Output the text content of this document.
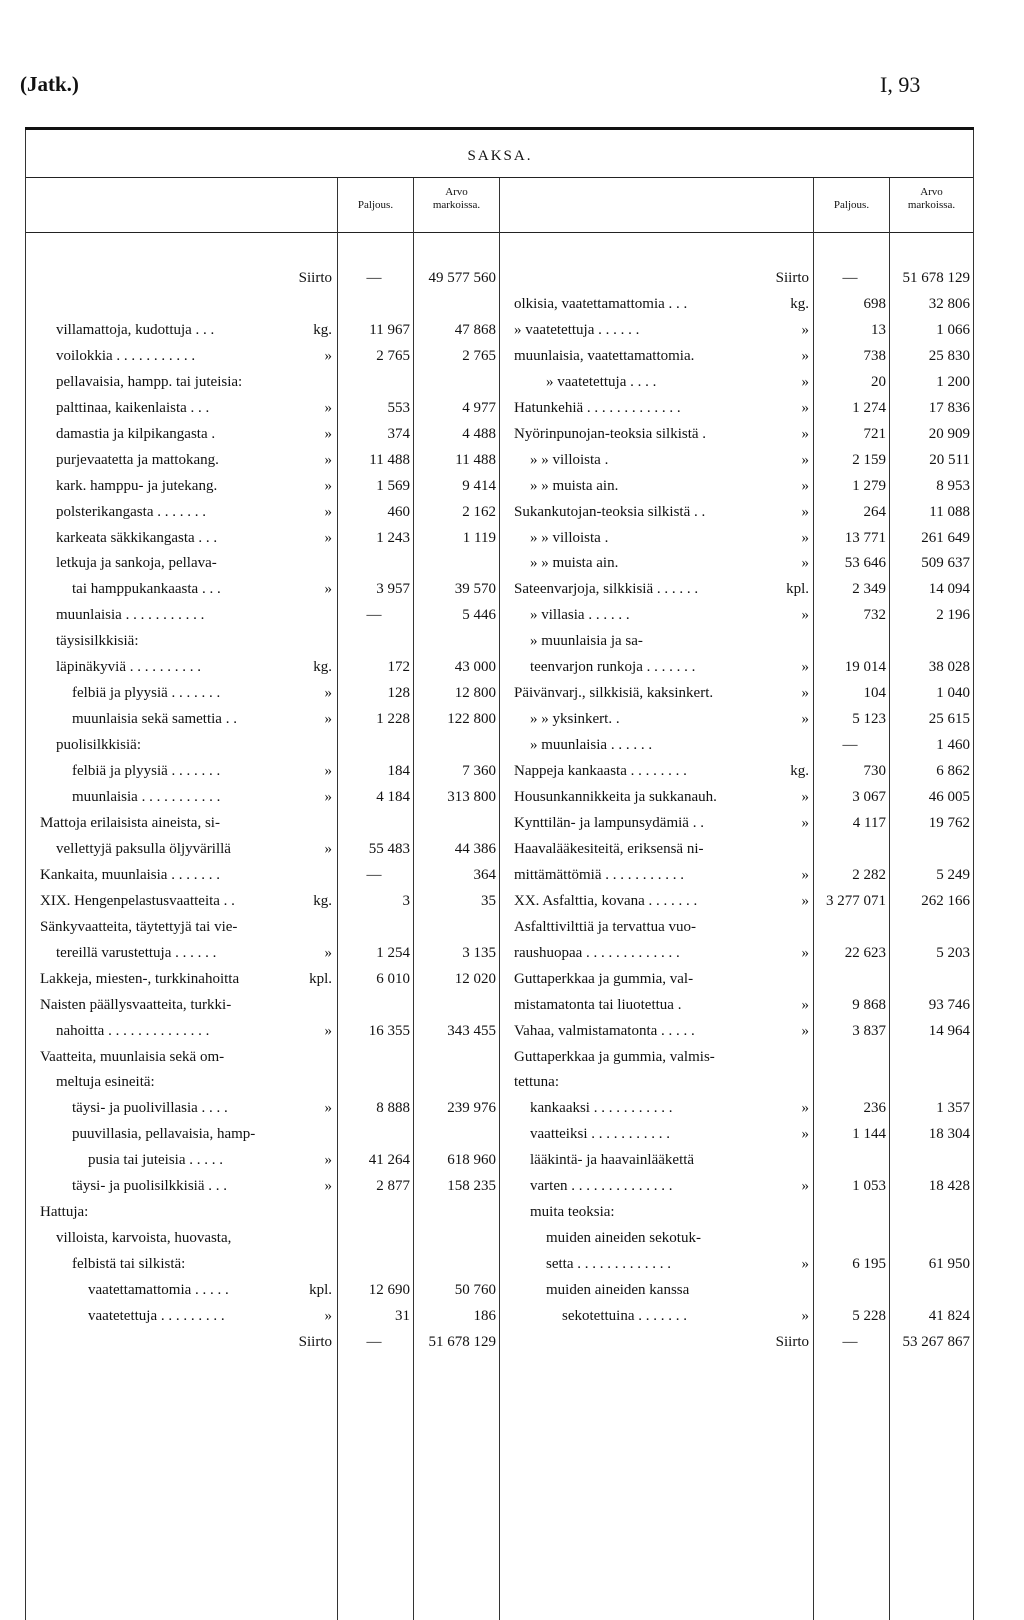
(Jatk.)	I, 93
SAKSA.
Paljous.
Arvo
markoissa.	Paljous.
Arvo
markoissa.
Siirto	—	49 577 560
villamattoja, kudottuja . . .	kg.	11 967	47 868
voilokkia . . . . . . . . . . .	»	2 765	2 765
pellavaisia, hampp. tai juteisia:
palttinaa, kaikenlaista . . .	»	553	4 977
damastia ja kilpikangasta .	»	374	4 488
purjevaatetta ja mattokang.	»	11 488	11 488
kark. hamppu- ja jutekang.	»	1 569	9 414
polsterikangasta . . . . . . .	»	460	2 162
karkeata säkkikangasta . . .	»	1 243	1 119
letkuja ja sankoja, pellava-
tai hamppukankaasta . . .	»	3 957	39 570
muunlaisia . . . . . . . . . . .	—	5 446
täysisilkkisiä:
läpinäkyviä . . . . . . . . . .	kg.	172	43 000
felbiä ja plyysiä . . . . . . .	»	128	12 800
muunlaisia sekä samettia . .	»	1 228	122 800
puolisilkkisiä:
felbiä ja plyysiä . . . . . . .	»	184	7 360
muunlaisia . . . . . . . . . . .	»	4 184	313 800
Mattoja erilaisista aineista, si-
vellettyjä paksulla öljyvärillä	»	55 483	44 386
Kankaita, muunlaisia . . . . . . .	—	364
XIX. Hengenpelastusvaatteita . .	kg.	3	35
Sänkyvaatteita, täytettyjä tai vie-
tereillä varustettuja . . . . . .	»	1 254	3 135
Lakkeja, miesten-, turkkinahoitta	kpl.	6 010	12 020
Naisten päällysvaatteita, turkki-
nahoitta . . . . . . . . . . . . . .	»	16 355	343 455
Vaatteita, muunlaisia sekä om-
meltuja esineitä:
täysi- ja puolivillasia . . . .	»	8 888	239 976
puuvillasia, pellavaisia, hamp-
pusia tai juteisia . . . . .	»	41 264	618 960
täysi- ja puolisilkkisiä . . .	»	2 877	158 235
Hattuja:
villoista, karvoista, huovasta,
felbistä tai silkistä:
vaatettamattomia . . . . .	kpl.	12 690	50 760
vaatetettuja . . . . . . . . .	»	31	186
Siirto	—	51 678 129
Siirto	—	51 678 129
olkisia, vaatettamattomia . . .	kg.	698	32 806
» vaatetettuja . . . . . .	»	13	1 066
muunlaisia, vaatettamattomia.	»	738	25 830
» vaatetettuja . . . .	»	20	1 200
Hatunkehiä . . . . . . . . . . . . .	»	1 274	17 836
Nyörinpunojan-teoksia silkistä .	»	721	20 909
» » villoista .	»	2 159	20 511
» » muista ain.	»	1 279	8 953
Sukankutojan-teoksia silkistä . .	»	264	11 088
» » villoista .	»	13 771	261 649
» » muista ain.	»	53 646	509 637
Sateenvarjoja, silkkisiä . . . . . .	kpl.	2 349	14 094
» villasia . . . . . .	»	732	2 196
» muunlaisia ja sa-
teenvarjon runkoja . . . . . . .	»	19 014	38 028
Päivänvarj., silkkisiä, kaksinkert.	»	104	1 040
» » yksinkert. .	»	5 123	25 615
» muunlaisia . . . . . .	—	1 460
Nappeja kankaasta . . . . . . . .	kg.	730	6 862
Housunkannikkeita ja sukkanauh.	»	3 067	46 005
Kynttilän- ja lampunsydämiä . .	»	4 117	19 762
Haavalääkesiteitä, eriksensä ni-
mittämättömiä . . . . . . . . . . .	»	2 282	5 249
XX. Asfalttia, kovana . . . . . . .	»	3 277 071	262 166
Asfalttivilttiä ja tervattua vuo-
raushuopaa . . . . . . . . . . . . .	»	22 623	5 203
Guttaperkkaa ja gummia, val-
mistamatonta tai liuotettua .	»	9 868	93 746
Vahaa, valmistamatonta . . . . .	»	3 837	14 964
Guttaperkkaa ja gummia, valmis-
tettuna:
kankaaksi . . . . . . . . . . .	»	236	1 357
vaatteiksi . . . . . . . . . . .	»	1 144	18 304
lääkintä- ja haavainlääkettä
varten . . . . . . . . . . . . . .	»	1 053	18 428
muita teoksia:
muiden aineiden sekotuk-
setta . . . . . . . . . . . . .	»	6 195	61 950
muiden aineiden kanssa
sekotettuina . . . . . . .	»	5 228	41 824
Siirto	—	53 267 867
